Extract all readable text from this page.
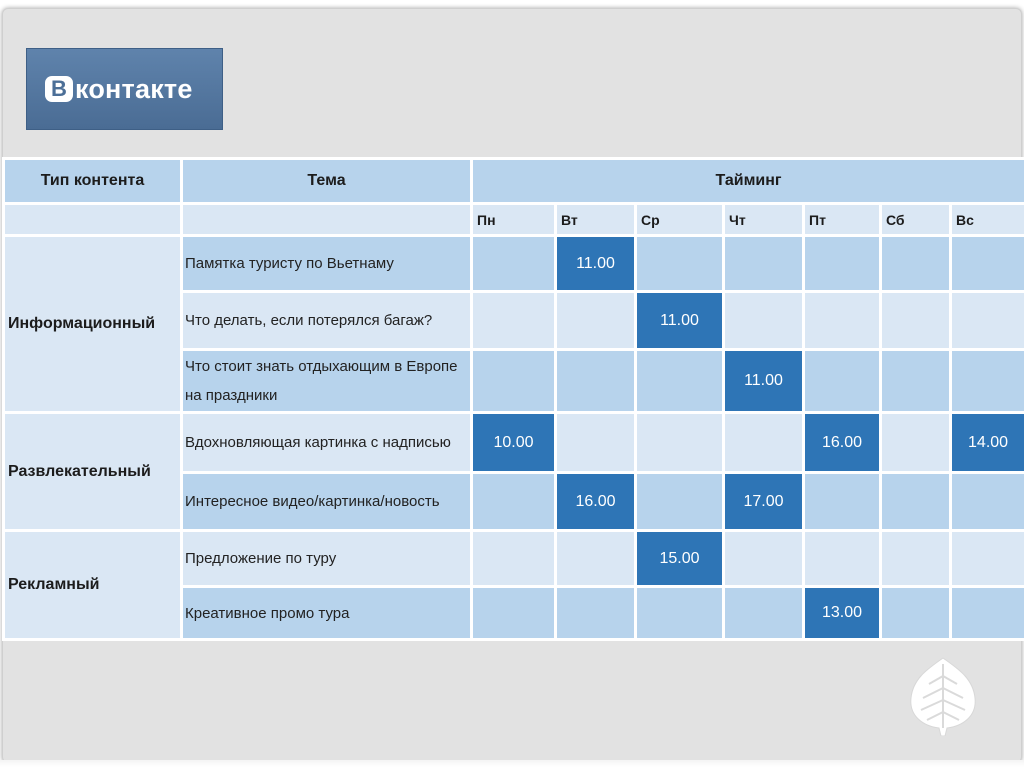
B контакте
Тип контента	Тема	Тайминг						
		Пн	Вт	Ср	Чт	Пт	Сб	Вс
Информационный	Памятка туристу по Вьетнаму		11.00					
	Что делать, если потерялся багаж?			11.00				
	Что стоит знать отдыхающим в Европе на праздники				11.00			
Развлекательный	Вдохновляющая картинка с надписью	10.00				16.00		14.00
	Интересное видео/картинка/новость		16.00		17.00			
Рекламный	Предложение по туру			15.00				
	Креативное промо тура					13.00		
